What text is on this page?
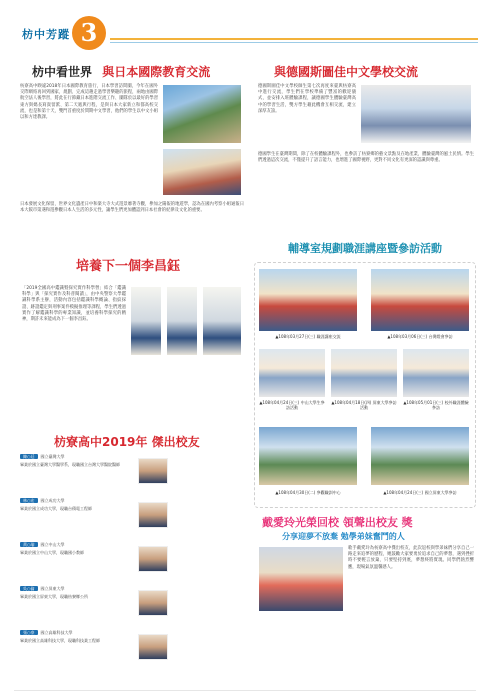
枋中芳蹤 3
枋中看世界 與日本國際教育交流
枋寮高中睽違2018年日本國際教育旅行，日本學習訪問團，今年在國外交際網絡再回到國家，規劃、完成這趟走過學習樂趣的旅程，兩地由國際航空法人後學習，將此在行節藏日本進階交流工作、團隊於以最好的學習東方與媽長寫貴留派、第二天遞與行程，是與日本大家新立和都高校交流，也是和第十天，雙門首重度於問期中文學習，他們的學生以中文小組以和方達教課。
日本發展文化保留，世界文化遺產日中和楽大寺大式遊景靡著寺觀，參加之陽報的地遊學，認為在國內考察小組通報日本大阪市第遇和遊參觀日本人生活的多元性，讓學生們更加體認到日本社會的紀律及文化的重要。
與德國斯圖佳中文學校交流
德國斯圖佳中文學校師生第七次再度來臺與枋寮高中進行交流，學生們在學校準備了豐富的歡迎儀式，並安排入班體驗課程，讓德國學生體驗臺灣高中的學習生活，雙方學生藉此機會互相交流，建立深厚友誼。
德國學生在臺灣期間，除了在校體驗課程外，也參訪了枋寮鄉的藝文景點及在地產業，體驗臺灣的風土民情。學生們透過這次交流，不僅提升了語言能力，也增進了國際視野，更對不同文化有更深的認識與尊重。
培養下一個李昌鈺
「2019全國高中鑑識暨探究實作科學營」結合「鑑識科學」與「探究實作及科普閱讀」，由中央警察大學鑑識科學系主辦，活動內容包括鑑識科學概論、指紋採證、跡證鑑定與刑事案件模擬推理等課程，學生們透過實作了解鑑識科學的專業知識，並培養科學探究的精神，期許未來能成為下一個李昌鈺。
輔導室規劃職涯講座暨參訪活動
▲108年03月27日(三) 職涯講座交流	▲108年03月06日(三) 台灣燈會參訪
▲108年04月24日(三) 中山大學生參訪活動
▲108年04月18日(四) 屏東大學參訪活動
▲108年05月01日(三) 校外職涯體驗參訪
▲108年04月30日(二) 參觀職訓中心	▲108年04月24日(三) 國立屏東大學參訪
枋寮高中2019年 傑出校友
陳○廷 國立臺灣大學
畢業於國立臺灣大學醫學系，現職國立台灣大學醫院醫師
林○宏 國立成功大學
畢業於國立成功大學，現職台積電工程師
黃○瑜 國立中山大學
畢業於國立中山大學，現職國小教師
吳○倫 國立屏東大學
畢業於國立屏東大學，現職枋寮鄉公所
張○豪 國立高雄科技大學
畢業於國立高雄科技大學，現職科技業工程師
戴愛玲光榮回校 領聲出校友 獎
分享迎夢不放棄 勉學弟妹奮鬥的人
歌手戴愛玲為枋寮高中傑出校友，此次返校與學弟妹們分享自己一路走來追夢的歷程，她鼓勵大家要勇於追求自己的夢想，遇到挫折時不要輕言放棄，只要堅持到底，夢想終將實現。同學們熱烈響應，現場氣氛溫馨感人。
